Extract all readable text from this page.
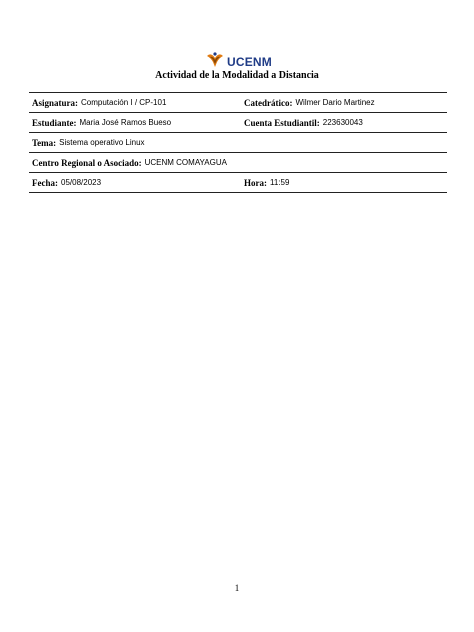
UCENM
Actividad de la Modalidad a Distancia
Asignatura: Computación I / CP-101	Catedrático: Wilmer Dario Martinez
Estudiante: Maria José Ramos Bueso	Cuenta Estudiantil: 223630043
Tema: Sistema operativo Linux
Centro Regional o Asociado: UCENM COMAYAGUA
Fecha: 05/08/2023	Hora: 11:59
1
